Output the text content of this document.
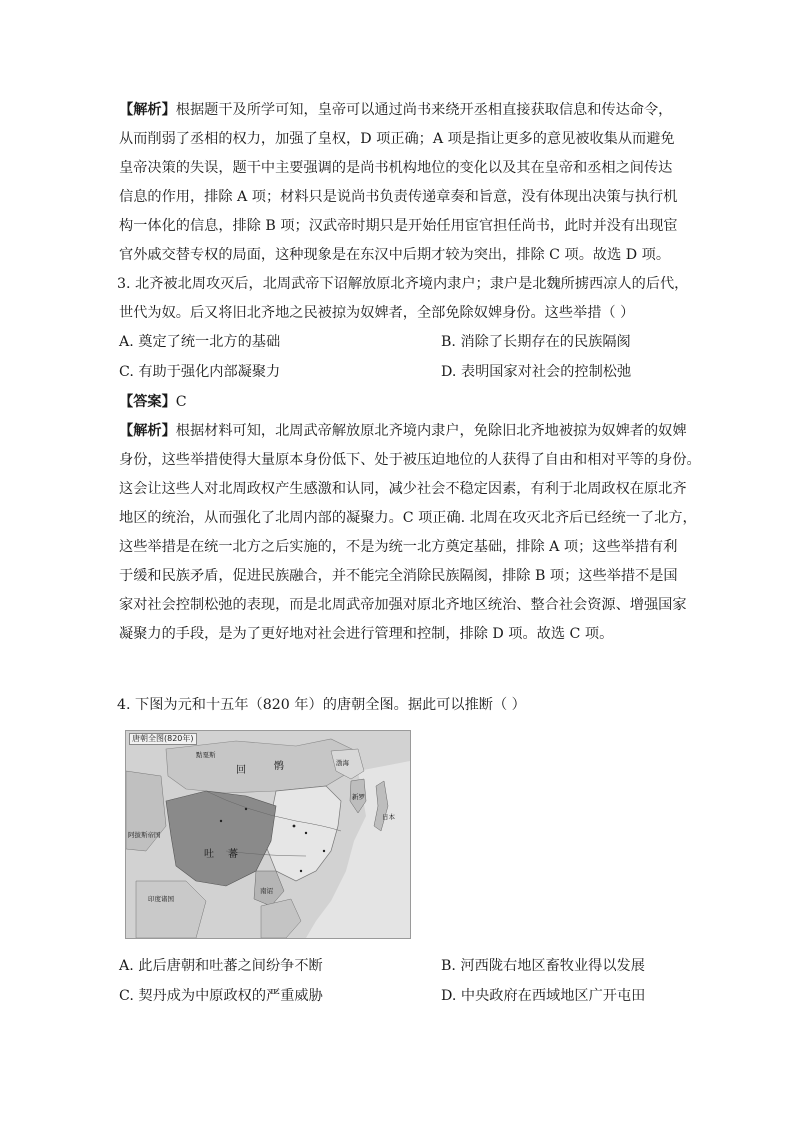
【解析】根据题干及所学可知，皇帝可以通过尚书来绕开丞相直接获取信息和传达命令，
从而削弱了丞相的权力，加强了皇权，D 项正确；A 项是指让更多的意见被收集从而避免
皇帝决策的失误，题干中主要强调的是尚书机构地位的变化以及其在皇帝和丞相之间传达
信息的作用，排除 A 项；材料只是说尚书负责传递章奏和旨意，没有体现出决策与执行机
构一体化的信息，排除 B 项；汉武帝时期只是开始任用宦官担任尚书，此时并没有出现宦
官外戚交替专权的局面，这种现象是在东汉中后期才较为突出，排除 C 项。故选 D 项。
3. 北齐被北周攻灭后，北周武帝下诏解放原北齐境内隶户；隶户是北魏所掳西凉人的后代，
世代为奴。后又将旧北齐地之民被掠为奴婢者，全部免除奴婢身份。这些举措（ ）
A. 奠定了统一北方的基础	B. 消除了长期存在的民族隔阂
C. 有助于强化内部凝聚力	D. 表明国家对社会的控制松弛
【答案】C
【解析】根据材料可知，北周武帝解放原北齐境内隶户，免除旧北齐地被掠为奴婢者的奴婢
身份，这些举措使得大量原本身份低下、处于被压迫地位的人获得了自由和相对平等的身份。
这会让这些人对北周政权产生感激和认同，减少社会不稳定因素，有利于北周政权在原北齐
地区的统治，从而强化了北周内部的凝聚力。C 项正确. 北周在攻灭北齐后已经统一了北方，
这些举措是在统一北方之后实施的，不是为统一北方奠定基础，排除 A 项；这些举措有利
于缓和民族矛盾，促进民族融合，并不能完全消除民族隔阂，排除 B 项；这些举措不是国
家对社会控制松弛的表现，而是北周武帝加强对原北齐地区统治、整合社会资源、增强国家
凝聚力的手段，是为了更好地对社会进行管理和控制，排除 D 项。故选 C 项。
4. 下图为元和十五年（820 年）的唐朝全图。据此可以推断（ ）
唐朝全图(820年)
回	鹘
吐 蕃
南诏
阿拔斯帝国
印度诸国
黠戛斯
渤海
新罗
日本
A. 此后唐朝和吐蕃之间纷争不断	B. 河西陇右地区畜牧业得以发展
C. 契丹成为中原政权的严重威胁	D. 中央政府在西域地区广开屯田
